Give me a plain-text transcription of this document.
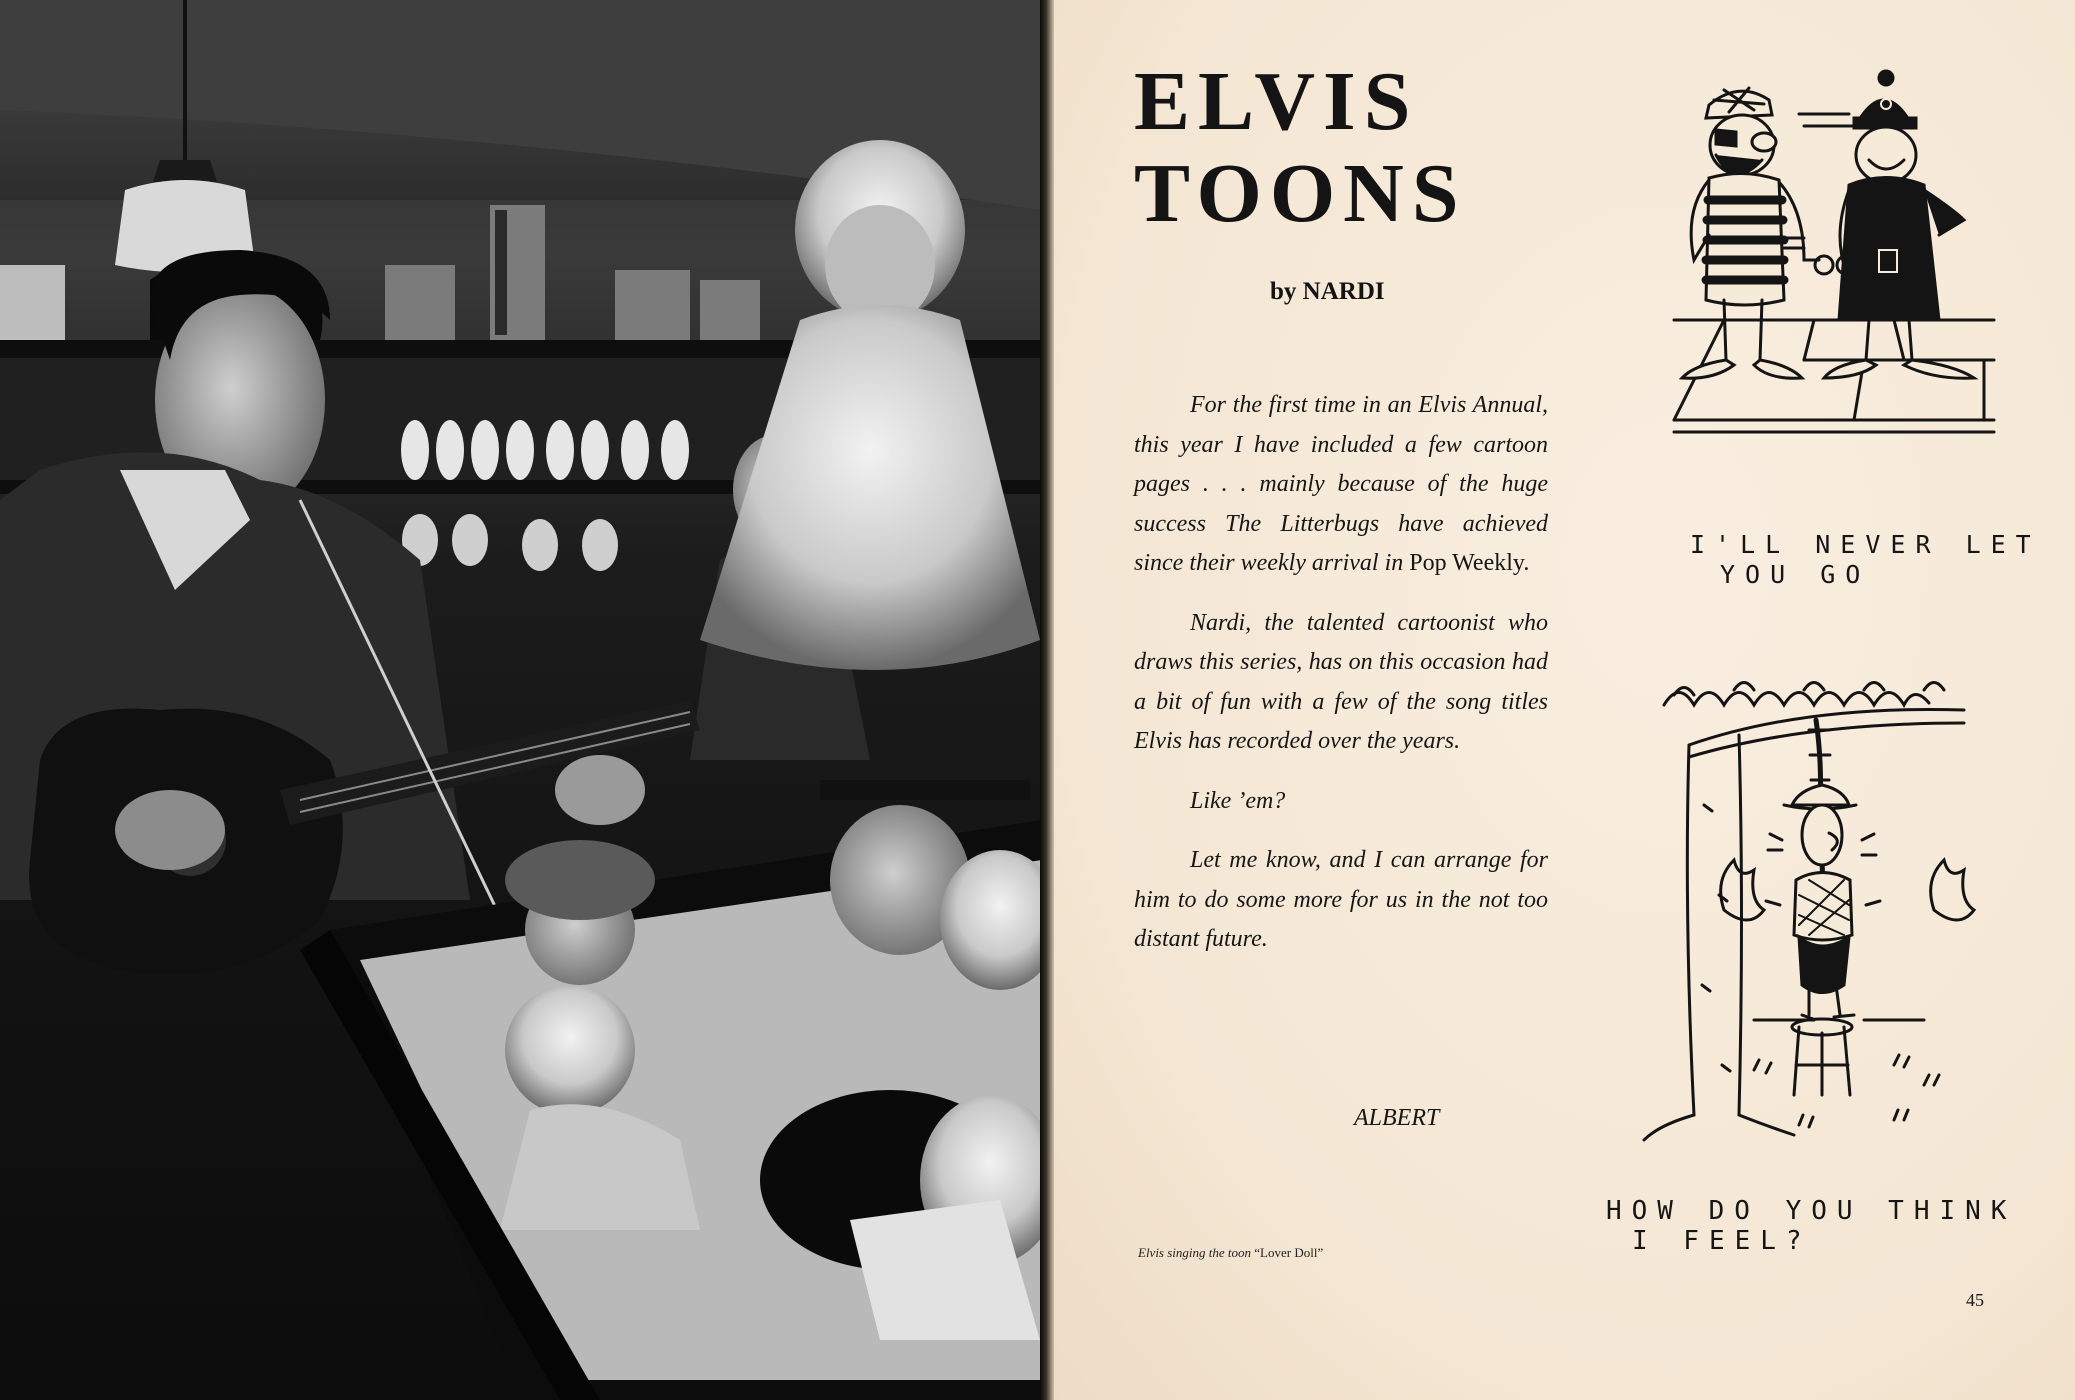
ELVIS
TOONS

by NARDI

For the first time in an Elvis Annual, this year I have included a few cartoon pages . . . mainly because of the huge success The Litterbugs have achieved since their weekly arrival in Pop Weekly.

Nardi, the talented cartoonist who draws this series, has on this occasion had a bit of fun with a few of the song titles Elvis has recorded over the years.

Like ’em?

Let me know, and I can arrange for him to do some more for us in the not too distant future.

ALBERT

Elvis singing the toon “Lover Doll”

I'LL NEVER LET
YOU GO

HOW DO YOU THINK
I FEEL?

45
